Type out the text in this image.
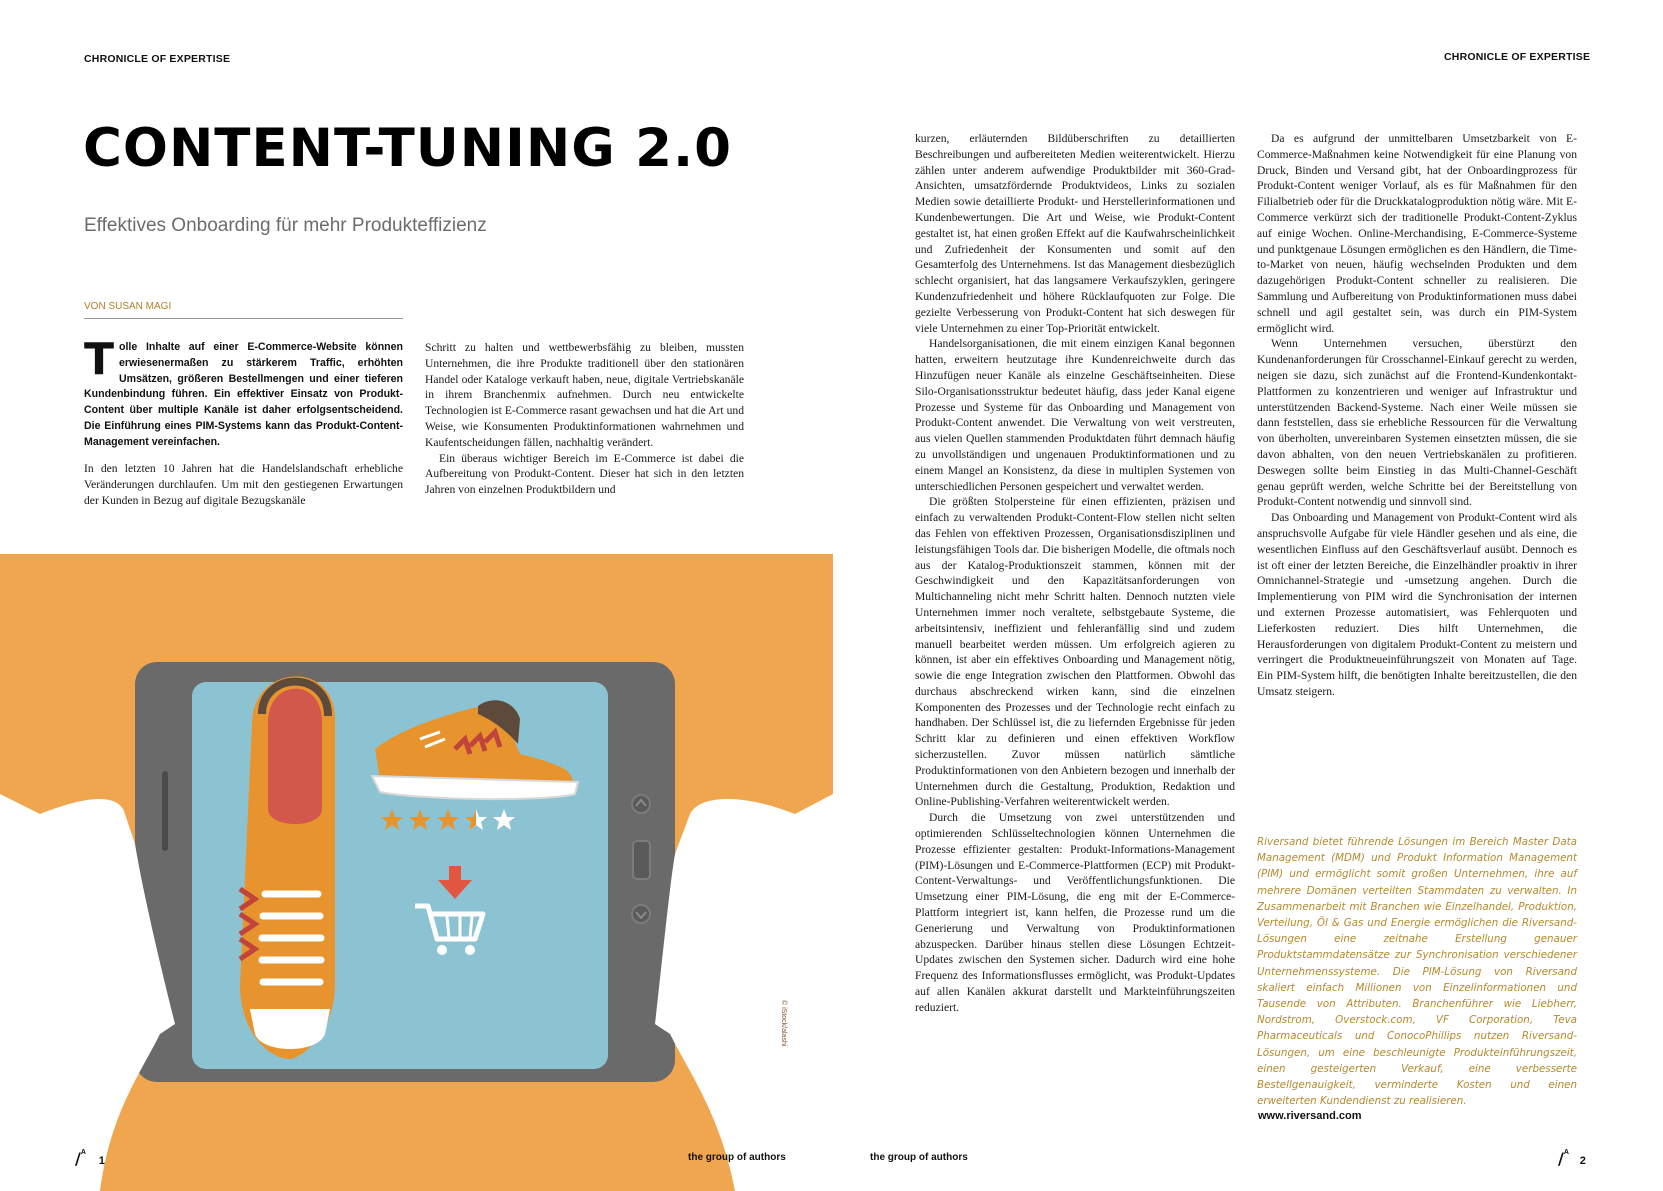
CHRONICLE OF EXPERTISE	CHRONICLE OF EXPERTISE
CONTENT-TUNING 2.0

Effektives Onboarding für mehr Produkteffizienz

VON SUSAN MAGI

Tolle Inhalte auf einer E-Commerce-Website können erwiesenermaßen zu stärkerem Traffic, erhöhten Umsätzen, größeren Bestellmengen und einer tieferen Kundenbindung führen. Ein effektiver Einsatz von Produkt-Content über multiple Kanäle ist daher erfolgsentscheidend. Die Einführung eines PIM-Systems kann das Produkt-Content-Management vereinfachen.

In den letzten 10 Jahren hat die Handelslandschaft erhebliche Veränderungen durchlaufen. Um mit den gestiegenen Erwartungen der Kunden in Bezug auf digitale Bezugskanäle

Schritt zu halten und wettbewerbsfähig zu bleiben, mussten Unternehmen, die ihre Produkte traditionell über den stationären Handel oder Kataloge verkauft haben, neue, digitale Vertriebskanäle in ihrem Branchenmix aufnehmen. Durch neu entwickelte Technologien ist E-Commerce rasant gewachsen und hat die Art und Weise, wie Konsumenten Produktinformationen wahrnehmen und Kaufentscheidungen fällen, nachhaltig verändert.

Ein überaus wichtiger Bereich im E-Commerce ist dabei die Aufbereitung von Produkt-Content. Dieser hat sich in den letzten Jahren von einzelnen Produktbildern und

kurzen, erläuternden Bildüberschriften zu detaillierten Beschreibungen und aufbereiteten Medien weiterentwickelt. Hierzu zählen unter anderem aufwendige Produktbilder mit 360-Grad-Ansichten, umsatzfördernde Produktvideos, Links zu sozialen Medien sowie detaillierte Produkt- und Herstellerinformationen und Kundenbewertungen. Die Art und Weise, wie Produkt-Content gestaltet ist, hat einen großen Effekt auf die Kaufwahrscheinlichkeit und Zufriedenheit der Konsumenten und somit auf den Gesamterfolg des Unternehmens. Ist das Management diesbezüglich schlecht organisiert, hat das langsamere Verkaufszyklen, geringere Kundenzufriedenheit und höhere Rücklaufquoten zur Folge. Die gezielte Verbesserung von Produkt-Content hat sich deswegen für viele Unternehmen zu einer Top-Priorität entwickelt.

Handelsorganisationen, die mit einem einzigen Kanal begonnen hatten, erweitern heutzutage ihre Kundenreichweite durch das Hinzufügen neuer Kanäle als einzelne Geschäftseinheiten. Diese Silo-Organisationsstruktur bedeutet häufig, dass jeder Kanal eigene Prozesse und Systeme für das Onboarding und Management von Produkt-Content anwendet. Die Verwaltung von weit verstreuten, aus vielen Quellen stammenden Produktdaten führt demnach häufig zu unvollständigen und ungenauen Produktinformationen und zu einem Mangel an Konsistenz, da diese in multiplen Systemen von unterschiedlichen Personen gespeichert und verwaltet werden.

Die größten Stolpersteine für einen effizienten, präzisen und einfach zu verwaltenden Produkt-Content-Flow stellen nicht selten das Fehlen von effektiven Prozessen, Organisationsdisziplinen und leistungsfähigen Tools dar. Die bisherigen Modelle, die oftmals noch aus der Katalog-Produktionszeit stammen, können mit der Geschwindigkeit und den Kapazitätsanforderungen von Multichanneling nicht mehr Schritt halten. Dennoch nutzten viele Unternehmen immer noch veraltete, selbstgebaute Systeme, die arbeitsintensiv, ineffizient und fehleranfällig sind und zudem manuell bearbeitet werden müssen. Um erfolgreich agieren zu können, ist aber ein effektives Onboarding und Management nötig, sowie die enge Integration zwischen den Plattformen. Obwohl das durchaus abschreckend wirken kann, sind die einzelnen Komponenten des Prozesses und der Technologie recht einfach zu handhaben. Der Schlüssel ist, die zu liefernden Ergebnisse für jeden Schritt klar zu definieren und einen effektiven Workflow sicherzustellen. Zuvor müssen natürlich sämtliche Produktinformationen von den Anbietern bezogen und innerhalb der Unternehmen durch die Gestaltung, Produktion, Redaktion und Online-Publishing-Verfahren weiterentwickelt werden.

Durch die Umsetzung von zwei unterstützenden und optimierenden Schlüsseltechnologien können Unternehmen die Prozesse effizienter gestalten: Produkt-Informations-Management (PIM)-Lösungen und E-Commerce-Plattformen (ECP) mit Produkt-Content-Verwaltungs- und Veröffentlichungsfunktionen. Die Umsetzung einer PIM-Lösung, die eng mit der E-Commerce-Plattform integriert ist, kann helfen, die Prozesse rund um die Generierung und Verwaltung von Produktinformationen abzuspecken. Darüber hinaus stellen diese Lösungen Echtzeit-Updates zwischen den Systemen sicher. Dadurch wird eine hohe Frequenz des Informationsflusses ermöglicht, was Produkt-Updates auf allen Kanälen akkurat darstellt und Markteinführungszeiten reduziert.

Da es aufgrund der unmittelbaren Umsetzbarkeit von E-Commerce-Maßnahmen keine Notwendigkeit für eine Planung von Druck, Binden und Versand gibt, hat der Onboardingprozess für Produkt-Content weniger Vorlauf, als es für Maßnahmen für den Filialbetrieb oder für die Druckkatalogproduktion nötig wäre. Mit E-Commerce verkürzt sich der traditionelle Produkt-Content-Zyklus auf einige Wochen. Online-Merchandising, E-Commerce-Systeme und punktgenaue Lösungen ermöglichen es den Händlern, die Time-to-Market von neuen, häufig wechselnden Produkten und dem dazugehörigen Produkt-Content schneller zu realisieren. Die Sammlung und Aufbereitung von Produktinformationen muss dabei schnell und agil gestaltet sein, was durch ein PIM-System ermöglicht wird.

Wenn Unternehmen versuchen, überstürzt den Kundenanforderungen für Crosschannel-Einkauf gerecht zu werden, neigen sie dazu, sich zunächst auf die Frontend-Kundenkontakt-Plattformen zu konzentrieren und weniger auf Infrastruktur und unterstützenden Backend-Systeme. Nach einer Weile müssen sie dann feststellen, dass sie erhebliche Ressourcen für die Verwaltung von überholten, unvereinbaren Systemen einsetzten müssen, die sie davon abhalten, von den neuen Vertriebskanälen zu profitieren. Deswegen sollte beim Einstieg in das Multi-Channel-Geschäft genau geprüft werden, welche Schritte bei der Bereitstellung von Produkt-Content notwendig und sinnvoll sind.

Das Onboarding und Management von Produkt-Content wird als anspruchsvolle Aufgabe für viele Händler gesehen und als eine, die wesentlichen Einfluss auf den Geschäftsverlauf ausübt. Dennoch es ist oft einer der letzten Bereiche, die Einzelhändler proaktiv in ihrer Omnichannel-Strategie und -umsetzung angehen. Durch die Implementierung von PIM wird die Synchronisation der internen und externen Prozesse automatisiert, was Fehlerquoten und Lieferkosten reduziert. Dies hilft Unternehmen, die Herausforderungen von digitalem Produkt-Content zu meistern und verringert die Produktneueinführungszeit von Monaten auf Tage. Ein PIM-System hilft, die benötigten Inhalte bereitzustellen, die den Umsatz steigern.

Riversand bietet führende Lösungen im Bereich Master Data Management (MDM) und Produkt Information Management (PIM) und ermöglicht somit großen Unternehmen, ihre auf mehrere Domänen verteilten Stammdaten zu verwalten. In Zusammenarbeit mit Branchen wie Einzelhandel, Produktion, Verteilung, Öl & Gas und Energie ermöglichen die Riversand-Lösungen eine zeitnahe Erstellung genauer Produktstammdatensätze zur Synchronisation verschiedener Unternehmenssysteme. Die PIM-Lösung von Riversand skaliert einfach Millionen von Einzelinformationen und Tausende von Attributen. Branchenführer wie Liebherr, Nordstrom, Overstock.com, VF Corporation, Teva Pharmaceuticals und ConocoPhillips nutzen Riversand-Lösungen, um eine beschleunigte Produkteinführungszeit, einen gesteigerten Verkauf, eine verbesserte Bestellgenauigkeit, verminderte Kosten und einen erweiterten Kundendienst zu realisieren.

www.riversand.com
© iStock/alashi
/$^A$ 1	the group of authors	the group of authors	/$^A$ 2
